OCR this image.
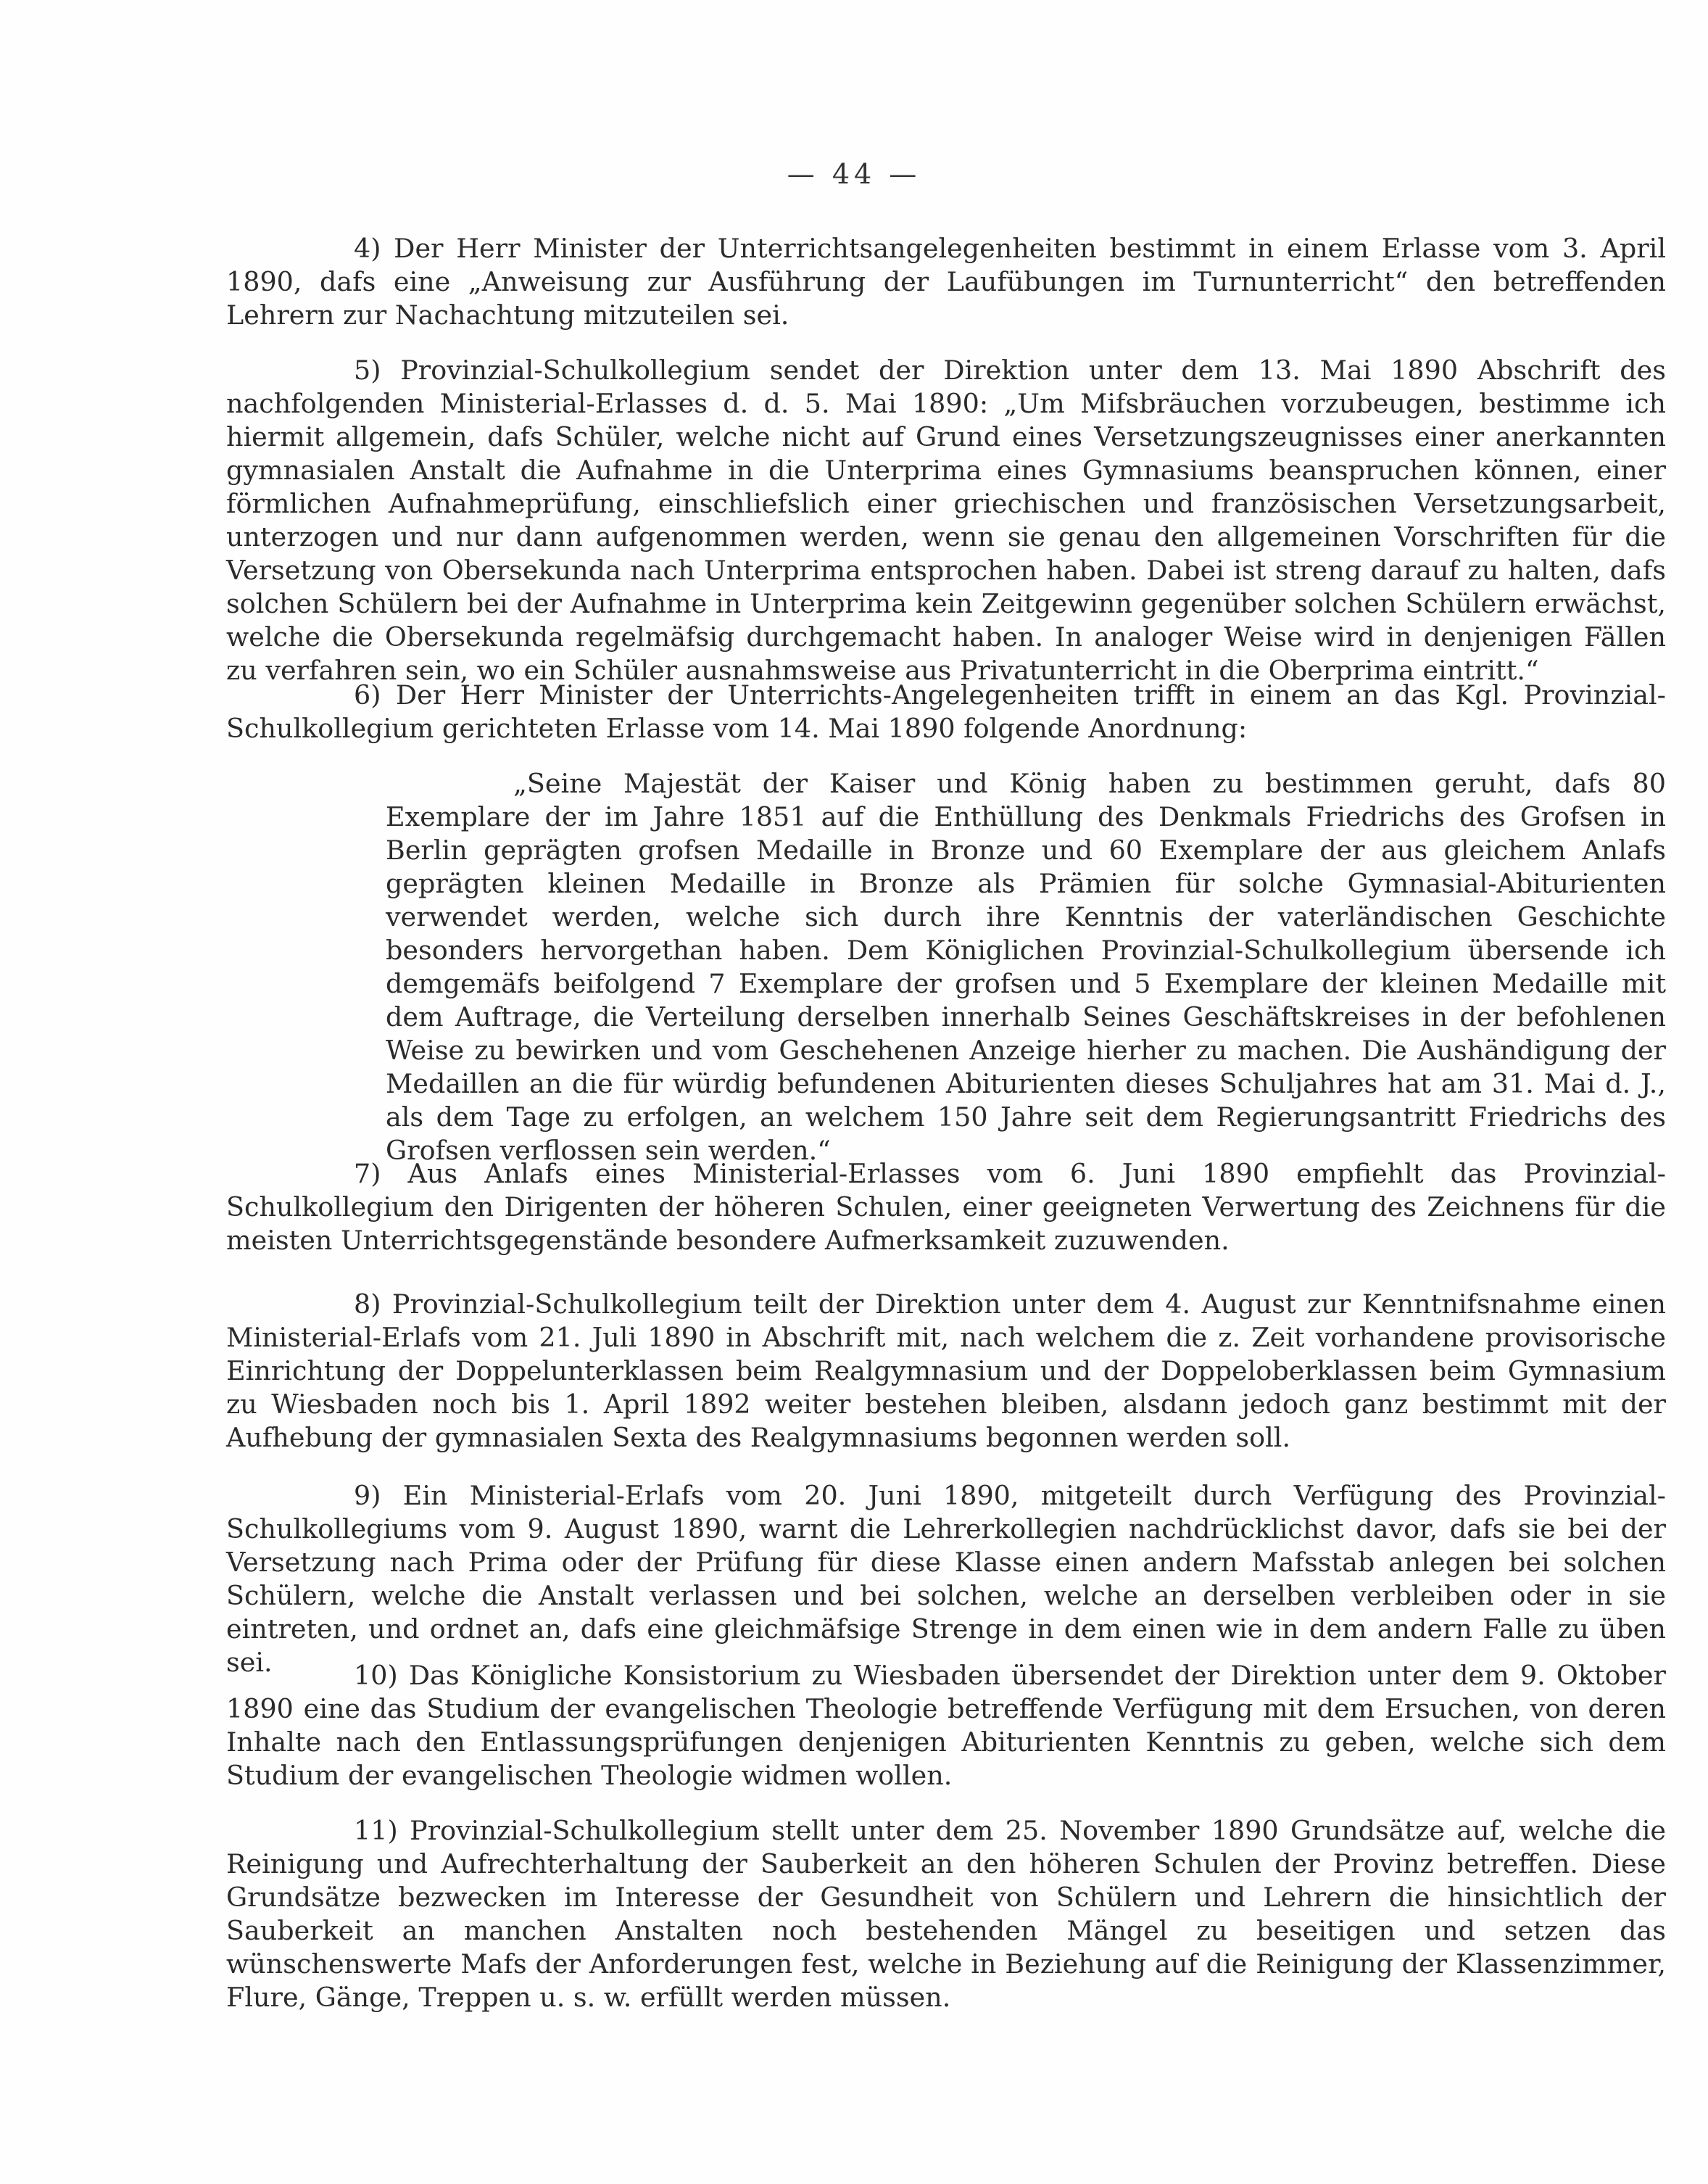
— 44 —

4) Der Herr Minister der Unterrichtsangelegenheiten bestimmt in einem Erlasse vom 3. April 1890, dafs eine „Anweisung zur Ausführung der Laufübungen im Turnunterricht“ den betreffenden Lehrern zur Nachachtung mitzuteilen sei.

5) Provinzial-Schulkollegium sendet der Direktion unter dem 13. Mai 1890 Abschrift des nachfolgenden Ministerial-Erlasses d. d. 5. Mai 1890: „Um Mifsbräuchen vorzubeugen, bestimme ich hiermit allgemein, dafs Schüler, welche nicht auf Grund eines Versetzungszeugnisses einer anerkannten gymnasialen Anstalt die Aufnahme in die Unterprima eines Gymnasiums beanspruchen können, einer förmlichen Aufnahmeprüfung, einschliefslich einer griechischen und französischen Versetzungsarbeit, unterzogen und nur dann aufgenommen werden, wenn sie genau den allgemeinen Vorschriften für die Versetzung von Obersekunda nach Unterprima entsprochen haben. Dabei ist streng darauf zu halten, dafs solchen Schülern bei der Aufnahme in Unterprima kein Zeitgewinn gegenüber solchen Schülern erwächst, welche die Obersekunda regelmäfsig durchgemacht haben. In analoger Weise wird in denjenigen Fällen zu verfahren sein, wo ein Schüler ausnahmsweise aus Privatunterricht in die Oberprima eintritt.“

6) Der Herr Minister der Unterrichts-Angelegenheiten trifft in einem an das Kgl. Provinzial-Schulkollegium gerichteten Erlasse vom 14. Mai 1890 folgende Anordnung:

„Seine Majestät der Kaiser und König haben zu bestimmen geruht, dafs 80 Exemplare der im Jahre 1851 auf die Enthüllung des Denkmals Friedrichs des Grofsen in Berlin geprägten grofsen Medaille in Bronze und 60 Exemplare der aus gleichem Anlafs geprägten kleinen Medaille in Bronze als Prämien für solche Gymnasial-Abiturienten verwendet werden, welche sich durch ihre Kenntnis der vaterländischen Geschichte besonders hervorgethan haben. Dem Königlichen Provinzial-Schulkollegium übersende ich demgemäfs beifolgend 7 Exemplare der grofsen und 5 Exemplare der kleinen Medaille mit dem Auftrage, die Verteilung derselben innerhalb Seines Geschäftskreises in der befohlenen Weise zu bewirken und vom Geschehenen Anzeige hierher zu machen. Die Aushändigung der Medaillen an die für würdig befundenen Abiturienten dieses Schuljahres hat am 31. Mai d. J., als dem Tage zu erfolgen, an welchem 150 Jahre seit dem Regierungsantritt Friedrichs des Grofsen verflossen sein werden.“

7) Aus Anlafs eines Ministerial-Erlasses vom 6. Juni 1890 empfiehlt das Provinzial-Schulkollegium den Dirigenten der höheren Schulen, einer geeigneten Verwertung des Zeichnens für die meisten Unterrichtsgegenstände besondere Aufmerksamkeit zuzuwenden.

8) Provinzial-Schulkollegium teilt der Direktion unter dem 4. August zur Kenntnifsnahme einen Ministerial-Erlafs vom 21. Juli 1890 in Abschrift mit, nach welchem die z. Zeit vorhandene provisorische Einrichtung der Doppelunterklassen beim Realgymnasium und der Doppeloberklassen beim Gymnasium zu Wiesbaden noch bis 1. April 1892 weiter bestehen bleiben, alsdann jedoch ganz bestimmt mit der Aufhebung der gymnasialen Sexta des Realgymnasiums begonnen werden soll.

9) Ein Ministerial-Erlafs vom 20. Juni 1890, mitgeteilt durch Verfügung des Provinzial-Schulkollegiums vom 9. August 1890, warnt die Lehrerkollegien nachdrücklichst davor, dafs sie bei der Versetzung nach Prima oder der Prüfung für diese Klasse einen andern Mafsstab anlegen bei solchen Schülern, welche die Anstalt verlassen und bei solchen, welche an derselben verbleiben oder in sie eintreten, und ordnet an, dafs eine gleichmäfsige Strenge in dem einen wie in dem andern Falle zu üben sei.	10) Das Königliche Konsistorium zu Wiesbaden übersendet der Direktion unter dem 9. Oktober 1890 eine das Studium der evangelischen Theologie betreffende Verfügung mit dem Ersuchen, von deren Inhalte nach den Entlassungsprüfungen denjenigen Abiturienten Kenntnis zu geben, welche sich dem Studium der evangelischen Theologie widmen wollen.

11) Provinzial-Schulkollegium stellt unter dem 25. November 1890 Grundsätze auf, welche die Reinigung und Aufrechterhaltung der Sauberkeit an den höheren Schulen der Provinz betreffen. Diese Grundsätze bezwecken im Interesse der Gesundheit von Schülern und Lehrern die hinsichtlich der Sauberkeit an manchen Anstalten noch bestehenden Mängel zu beseitigen und setzen das wünschenswerte Mafs der Anforderungen fest, welche in Beziehung auf die Reinigung der Klassenzimmer, Flure, Gänge, Treppen u. s. w. erfüllt werden müssen.
